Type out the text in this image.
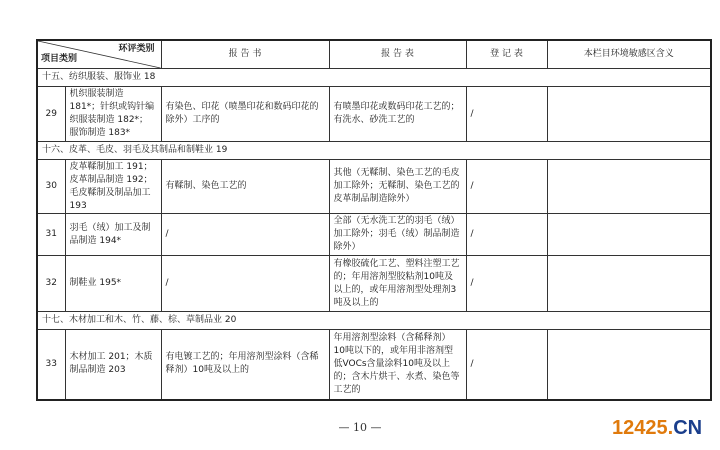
环评类别
项目类别		报 告 书	报 告 表	登 记 表	本栏目环境敏感区含义
十五、纺织服装、服饰业 18					
29	机织服装制造 181*；针织或钩针编织服装制造 182*；服饰制造 183*	有染色、印花（喷墨印花和数码印花的除外）工序的	有喷墨印花或数码印花工艺的；有洗水、砂洗工艺的	/	
十六、皮革、毛皮、羽毛及其制品和制鞋业 19					
30	皮革鞣制加工 191；皮革制品制造 192；毛皮鞣制及制品加工 193	有鞣制、染色工艺的	其他（无鞣制、染色工艺的毛皮加工除外；无鞣制、染色工艺的皮革制品制造除外）	/	
31	羽毛（绒）加工及制品制造 194*	/	全部（无水洗工艺的羽毛（绒）加工除外；羽毛（绒）制品制造除外）	/	
32	制鞋业 195*	/	有橡胶硫化工艺、塑料注塑工艺的；年用溶剂型胶粘剂10吨及以上的，或年用溶剂型处理剂3吨及以上的	/	
十七、木材加工和木、竹、藤、棕、草制品业 20					
33	木材加工 201；木质制品制造 203	有电镀工艺的；年用溶剂型涂料（含稀释剂）10吨及以上的	年用溶剂型涂料（含稀释剂）10吨以下的，或年用非溶剂型低VOCs含量涂料10吨及以上的；含木片烘干、水煮、染色等工艺的	/	
— 10 —	12425.CN
